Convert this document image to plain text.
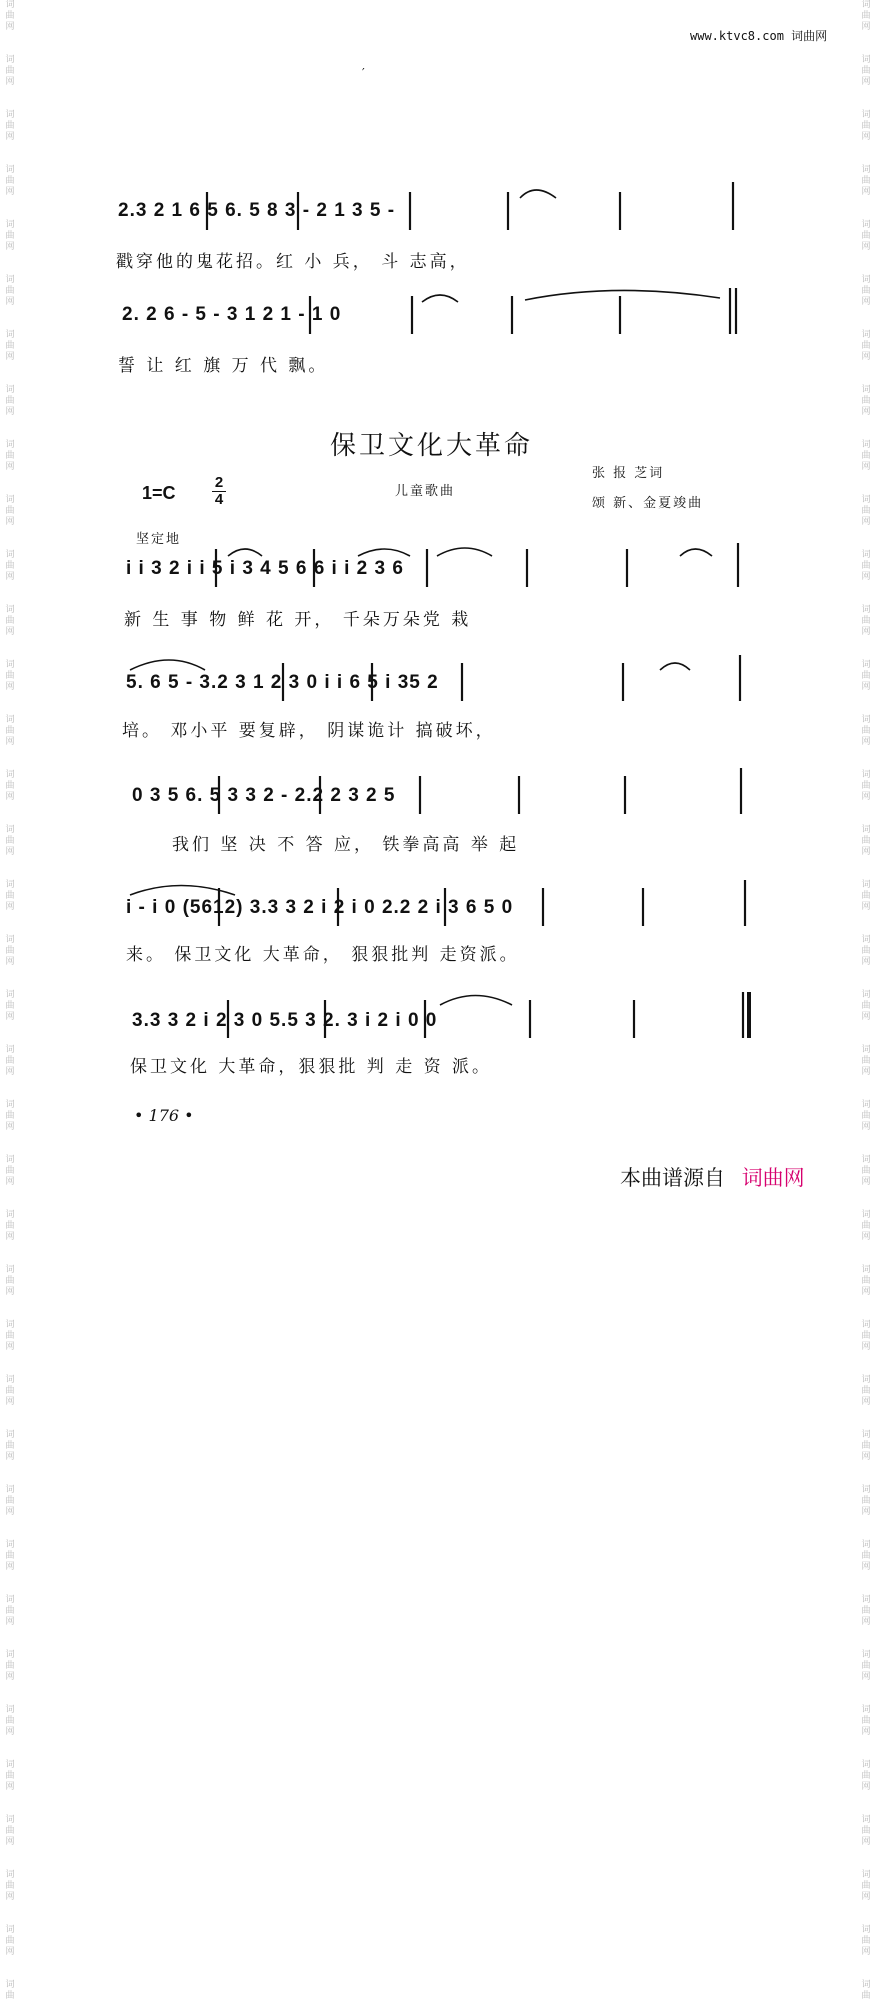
词
曲
网
词
曲
网
词
曲
网
词
曲
网
词
曲
网
词
曲
网
词
曲
网
词
曲
网
词
曲
网
词
曲
网
词
曲
网
词
曲
网
词
曲
网
词
曲
网
词
曲
网
词
曲
网
词
曲
网
词
曲
网
词
曲
网
词
曲
网
词
曲
网
词
曲
网
词
曲
网
词
曲
网
词
曲
网
词
曲
网
词
曲
网
词
曲
网
词
曲
网
词
曲
网
词
曲
网
词
曲
网
词
曲
网
词
曲
网
词
曲
网
词
曲
网
词
曲
词
曲
网
词
曲
网
词
曲
网
词
曲
网
词
曲
网
词
曲
网
词
曲
网
词
曲
网
词
曲
网
词
曲
网
词
曲
网
词
曲
网
词
曲
网
词
曲
网
词
曲
网
词
曲
网
词
曲
网
词
曲
网
词
曲
网
词
曲
网
词
曲
网
词
曲
网
词
曲
网
词
曲
网
词
曲
网
词
曲
网
词
曲
网
词
曲
网
词
曲
网
词
曲
网
词
曲
网
词
曲
网
词
曲
网
词
曲
网
词
曲
网
词
曲
网
词
曲
www.ktvc8.com 词曲网
′
2.3 2 1 6 5 6. 5 8 3 - 2 1 3 5 -
戳穿他的鬼花招。红 小 兵， 斗 志高，
2. 2 6 - 5 - 3 1 2 1 - 1 0
誓 让 红 旗 万 代 飘。
保卫文化大革命
1=C
2
4	儿童歌曲
张 报 芝词
颂 新、金夏竣曲
坚定地
i i 3 2 i i 5 i 3 4 5 6 6 i i 2 3 6
新 生 事 物 鲜 花 开， 千朵万朵党 栽
5. 6 5 - 3.2 3 1 2 3 0 i i 6 5 i 35 2
培。 邓小平 要复辟， 阴谋诡计 搞破坏，
0 3 5 6. 5 3 3 2 - 2.2 2 3 2 5
我们 坚 决 不 答 应， 铁拳高高 举 起
i - i 0 (5612) 3.3 3 2 i 2 i 0 2.2 2 i 3 6 5 0
来。 保卫文化 大革命， 狠狠批判 走资派。
3.3 3 2 i 2 3 0 5.5 3 2. 3 i 2 i 0 0
保卫文化 大革命，狠狠批 判 走 资 派。
• 176 •
本曲谱源自 词曲网
